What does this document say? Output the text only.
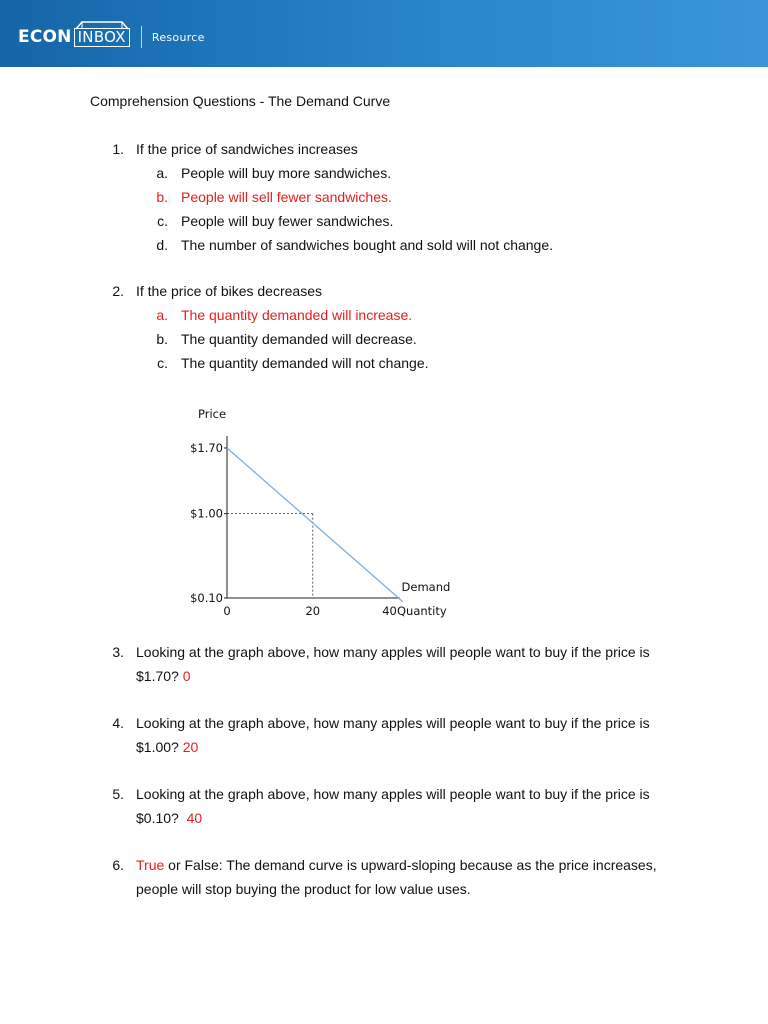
ECON INBOX	Resource
Comprehension Questions - The Demand Curve
1. If the price of sandwiches increases
a. People will buy more sandwiches.
b. People will sell fewer sandwiches.
c. People will buy fewer sandwiches.
d. The number of sandwiches bought and sold will not change.
2. If the price of bikes decreases
a. The quantity demanded will increase.
b. The quantity demanded will decrease.
c. The quantity demanded will not change.
Price
Quantity
$1.70
$1.00
$0.10
0	20	40
Demand
3. Looking at the graph above, how many apples will people want to buy if the price is
$1.70? 0
4. Looking at the graph above, how many apples will people want to buy if the price is
$1.00? 20
5. Looking at the graph above, how many apples will people want to buy if the price is
$0.10? 40
6. True or False: The demand curve is upward-sloping because as the price increases,
people will stop buying the product for low value uses.
